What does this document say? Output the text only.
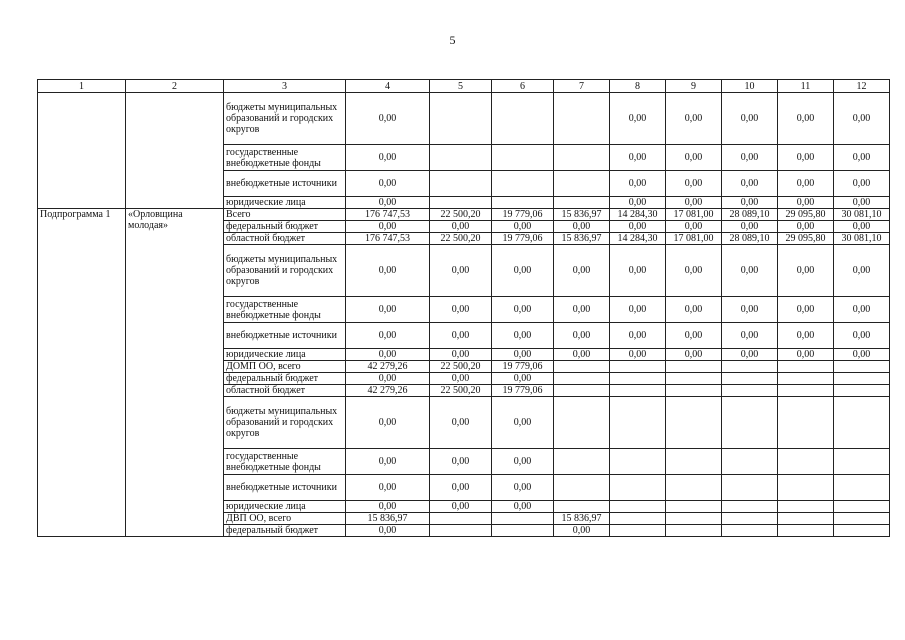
5
1	2	3	4	5	6	7	8	9	10	11	12
		бюджеты муниципальных образований и городских округов	0,00				0,00	0,00	0,00	0,00	0,00
		государственные внебюджетные фонды	0,00				0,00	0,00	0,00	0,00	0,00
		внебюджетные источники	0,00				0,00	0,00	0,00	0,00	0,00
		юридические лица	0,00				0,00	0,00	0,00	0,00	0,00
Подпрограмма 1	«Орловщина молодая»	Всего	176 747,53	22 500,20	19 779,06	15 836,97	14 284,30	17 081,00	28 089,10	29 095,80	30 081,10
		федеральный бюджет	0,00	0,00	0,00	0,00	0,00	0,00	0,00	0,00	0,00
		областной бюджет	176 747,53	22 500,20	19 779,06	15 836,97	14 284,30	17 081,00	28 089,10	29 095,80	30 081,10
		бюджеты муниципальных образований и городских округов	0,00	0,00	0,00	0,00	0,00	0,00	0,00	0,00	0,00
		государственные внебюджетные фонды	0,00	0,00	0,00	0,00	0,00	0,00	0,00	0,00	0,00
		внебюджетные источники	0,00	0,00	0,00	0,00	0,00	0,00	0,00	0,00	0,00
		юридические лица	0,00	0,00	0,00	0,00	0,00	0,00	0,00	0,00	0,00
		ДОМП ОО, всего	42 279,26	22 500,20	19 779,06						
		федеральный бюджет	0,00	0,00	0,00						
		областной бюджет	42 279,26	22 500,20	19 779,06						
		бюджеты муниципальных образований и городских округов	0,00	0,00	0,00						
		государственные внебюджетные фонды	0,00	0,00	0,00						
		внебюджетные источники	0,00	0,00	0,00						
		юридические лица	0,00	0,00	0,00						
		ДВП ОО, всего	15 836,97			15 836,97					
		федеральный бюджет	0,00			0,00					
